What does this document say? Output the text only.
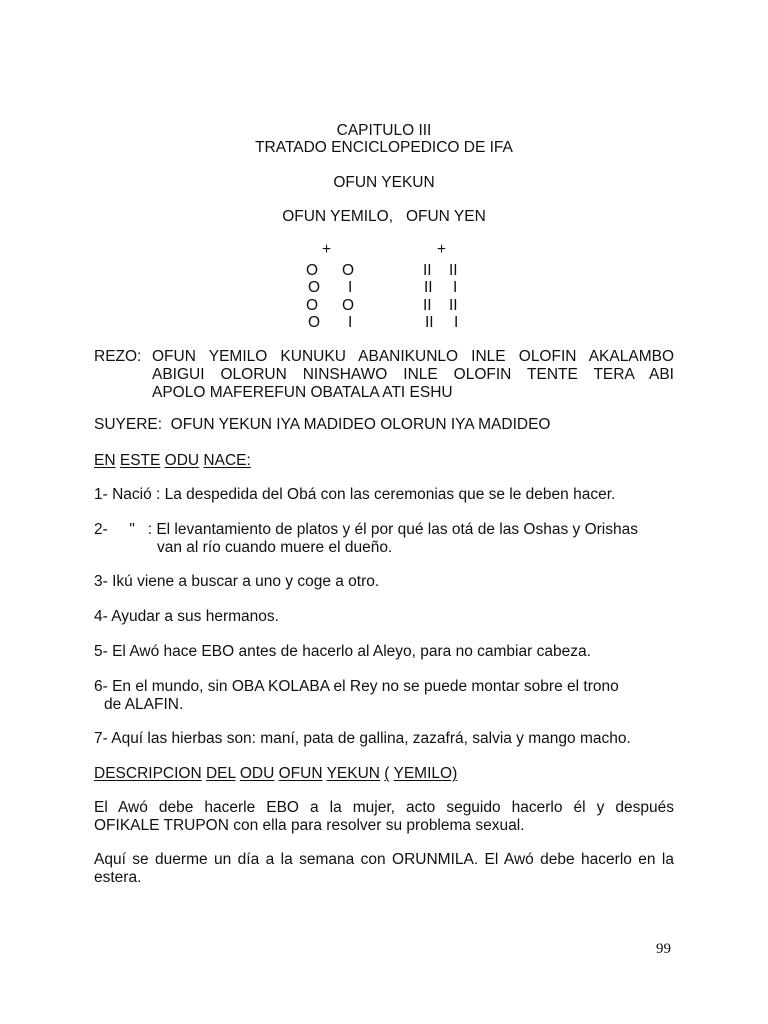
CAPITULO III
TRATADO ENCICLOPEDICO DE IFA
OFUN YEKUN
OFUN YEMILO,   OFUN YEN
+
O O
O I
O O
O I
+
II II
II I
II II
II I
REZO: OFUN YEMILO KUNUKU ABANIKUNLO INLE OLOFIN AKALAMBO
ABIGUI OLORUN NINSHAWO INLE OLOFIN TENTE TERA ABI
APOLO MAFEREFUN OBATALA ATI ESHU
SUYERE:  OFUN YEKUN IYA MADIDEO OLORUN IYA MADIDEO
EN ESTE ODU NACE:
1- Nació : La despedida del Obá con las ceremonias que se le deben hacer.
2-     "   : El levantamiento de platos y él por qué las otá de las Oshas y Orishas
van al río cuando muere el dueño.
3- Ikú viene a buscar a uno y coge a otro.
4- Ayudar a sus hermanos.
5- El Awó hace EBO antes de hacerlo al Aleyo, para no cambiar cabeza.
6- En el mundo, sin OBA KOLABA el Rey no se puede montar sobre el trono
de ALAFIN.
7- Aquí las hierbas son: maní, pata de gallina, zazafrá, salvia y mango macho.
DESCRIPCION DEL ODU OFUN YEKUN ( YEMILO)
El Awó debe hacerle EBO a la mujer, acto seguido hacerlo él y después
OFIKALE TRUPON con ella para resolver su problema sexual.
Aquí se duerme un día a la semana con ORUNMILA. El Awó debe hacerlo en la
estera.
99
